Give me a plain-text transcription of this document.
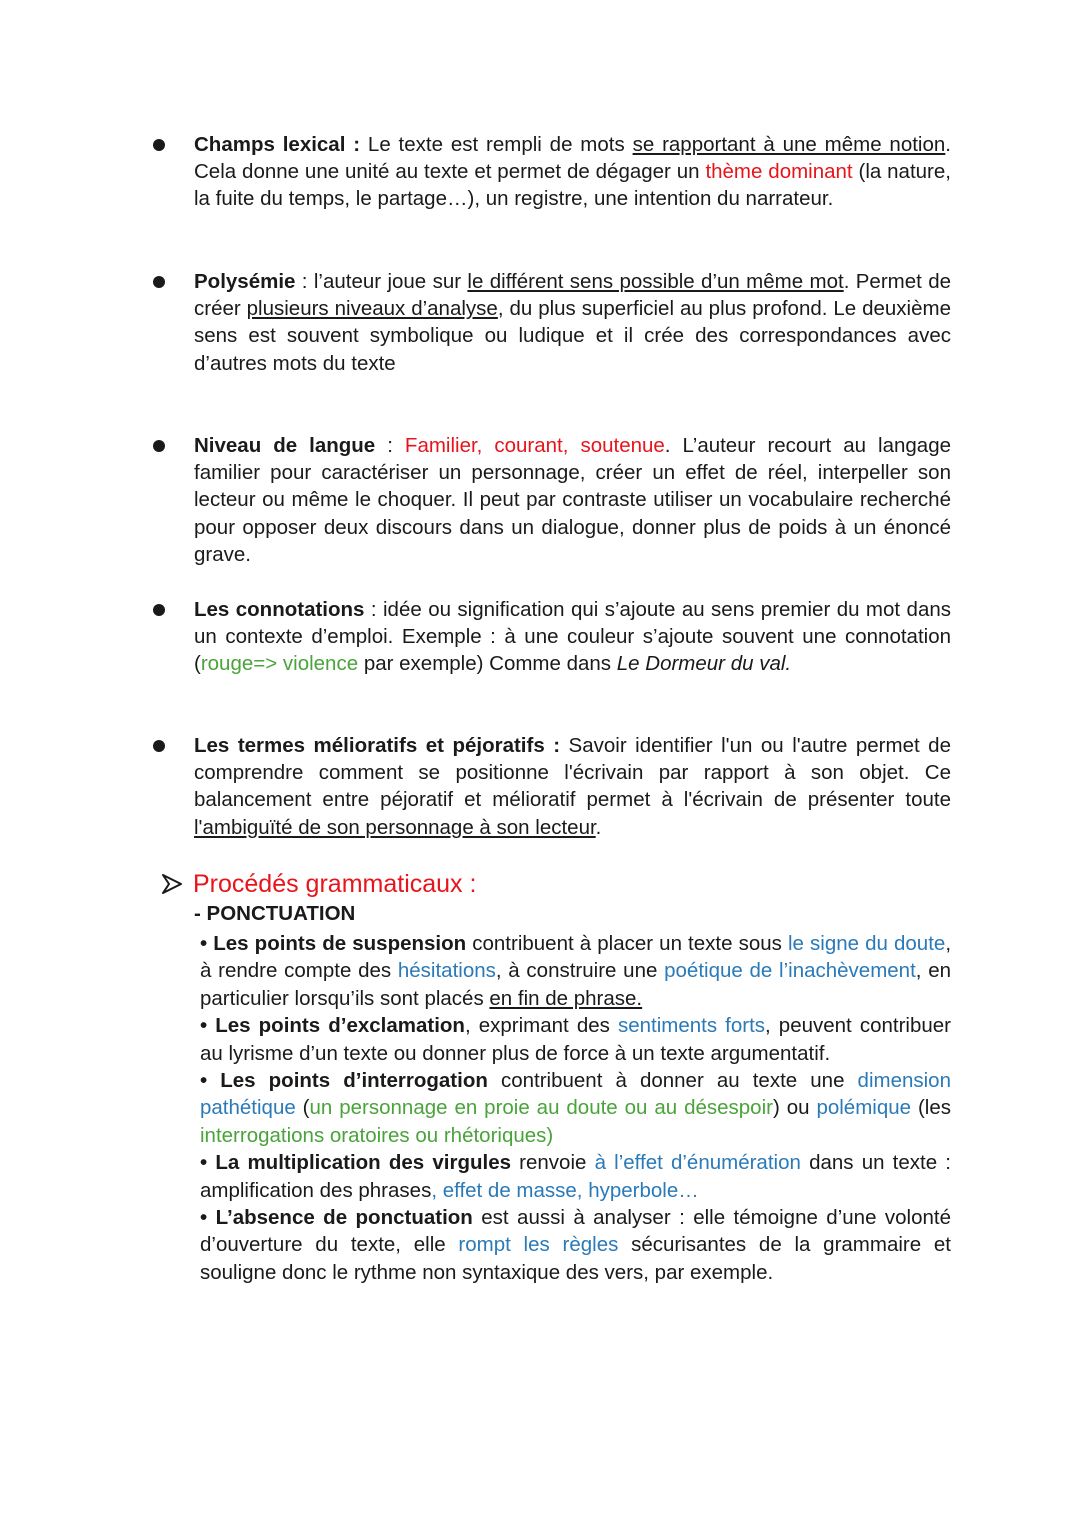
Champs lexical : Le texte est rempli de mots se rapportant à une même notion. Cela donne une unité au texte et permet de dégager un thème dominant (la nature, la fuite du temps, le partage…), un registre, une intention du narrateur.
Polysémie : l’auteur joue sur le différent sens possible d’un même mot. Permet de créer plusieurs niveaux d’analyse, du plus superficiel au plus profond. Le deuxième sens est souvent symbolique ou ludique et il crée des correspondances avec d’autres mots du texte
Niveau de langue : Familier, courant, soutenue. L’auteur recourt au langage familier pour caractériser un personnage, créer un effet de réel, interpeller son lecteur ou même le choquer. Il peut par contraste utiliser un vocabulaire recherché pour opposer deux discours dans un dialogue, donner plus de poids à un énoncé grave.
Les connotations : idée ou signification qui s’ajoute au sens premier du mot dans un contexte d’emploi. Exemple : à une couleur s’ajoute souvent une connotation (rouge=> violence par exemple) Comme dans Le Dormeur du val.
Les termes mélioratifs et péjoratifs : Savoir identifier l'un ou l'autre permet de comprendre comment se positionne l'écrivain par rapport à son objet. Ce balancement entre péjoratif et mélioratif permet à l'écrivain de présenter toute l'ambiguïté de son personnage à son lecteur.
Procédés grammaticaux :
- PONCTUATION

• Les points de suspension contribuent à placer un texte sous le signe du doute, à rendre compte des hésitations, à construire une poétique de l’inachèvement, en particulier lorsqu’ils sont placés en fin de phrase.

• Les points d’exclamation, exprimant des sentiments forts, peuvent contribuer au lyrisme d’un texte ou donner plus de force à un texte argumentatif.

• Les points d’interrogation contribuent à donner au texte une dimension pathétique (un personnage en proie au doute ou au désespoir) ou polémique (les interrogations oratoires ou rhétoriques)

• La multiplication des virgules renvoie à l’effet d’énumération dans un texte : amplification des phrases, effet de masse, hyperbole…

• L’absence de ponctuation est aussi à analyser : elle témoigne d’une volonté d’ouverture du texte, elle rompt les règles sécurisantes de la grammaire et souligne donc le rythme non syntaxique des vers, par exemple.
